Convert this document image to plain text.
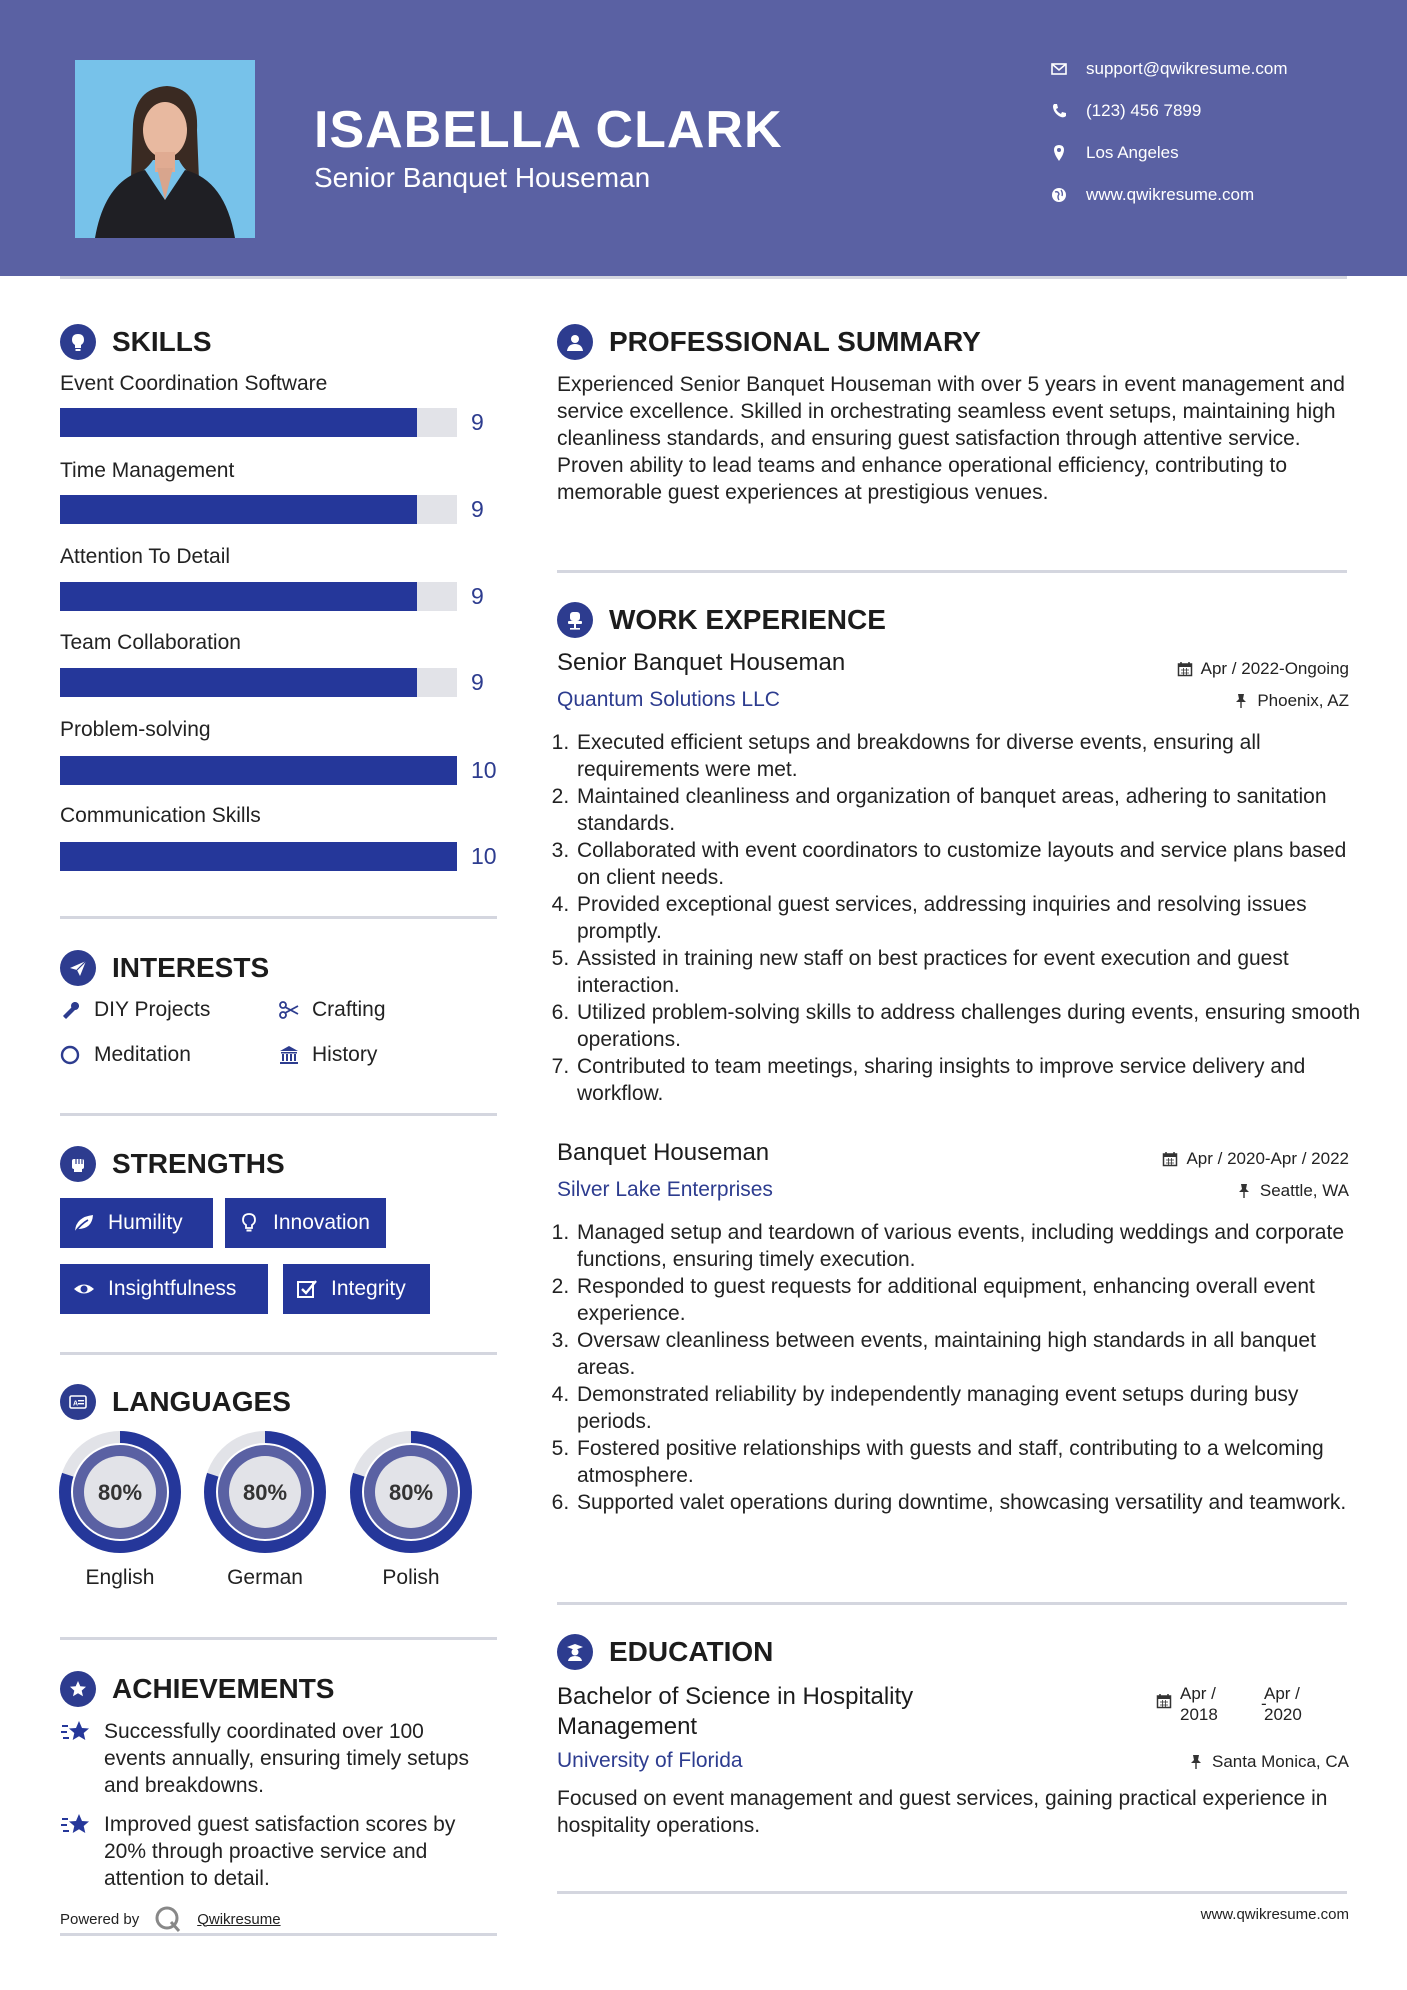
ISABELLA CLARK
Senior Banquet Houseman
support@qwikresume.com
(123) 456 7899
Los Angeles
www.qwikresume.com
SKILLS
Event Coordination Software
9
Time Management
9
Attention To Detail
9
Team Collaboration
9
Problem-solving
10
Communication Skills
10
INTERESTS
DIY Projects	Crafting
Meditation	History
STRENGTHS
Humility	Innovation
Insightfulness	Integrity
A LANGUAGES
80%
English
80%
German
80%
Polish
ACHIEVEMENTS
Successfully coordinated over 100 events annually, ensuring timely setups and breakdowns.
Improved guest satisfaction scores by 20% through proactive service and attention to detail.
Powered by	Qwikresume
PROFESSIONAL SUMMARY
Experienced Senior Banquet Houseman with over 5 years in event management and service excellence. Skilled in orchestrating seamless event setups, maintaining high cleanliness standards, and ensuring guest satisfaction through attentive service. Proven ability to lead teams and enhance operational efficiency, contributing to memorable guest experiences at prestigious venues.
WORK EXPERIENCE
Senior Banquet Houseman	Apr / 2022-Ongoing
Quantum Solutions LLC	Phoenix, AZ
1. Executed efficient setups and breakdowns for diverse events, ensuring all requirements were met.
2. Maintained cleanliness and organization of banquet areas, adhering to sanitation standards.
3. Collaborated with event coordinators to customize layouts and service plans based on client needs.
4. Provided exceptional guest services, addressing inquiries and resolving issues promptly.
5. Assisted in training new staff on best practices for event execution and guest interaction.
6. Utilized problem-solving skills to address challenges during events, ensuring smooth operations.
7. Contributed to team meetings, sharing insights to improve service delivery and workflow.
Banquet Houseman	Apr / 2020-Apr / 2022
Silver Lake Enterprises	Seattle, WA
1. Managed setup and teardown of various events, including weddings and corporate functions, ensuring timely execution.
2. Responded to guest requests for additional equipment, enhancing overall event experience.
3. Oversaw cleanliness between events, maintaining high standards in all banquet areas.
4. Demonstrated reliability by independently managing event setups during busy periods.
5. Fostered positive relationships with guests and staff, contributing to a welcoming atmosphere.
6. Supported valet operations during downtime, showcasing versatility and teamwork.
EDUCATION
Bachelor of Science in Hospitality Management
Apr / 2018
-
Apr / 2020
University of Florida	Santa Monica, CA
Focused on event management and guest services, gaining practical experience in hospitality operations.
www.qwikresume.com
